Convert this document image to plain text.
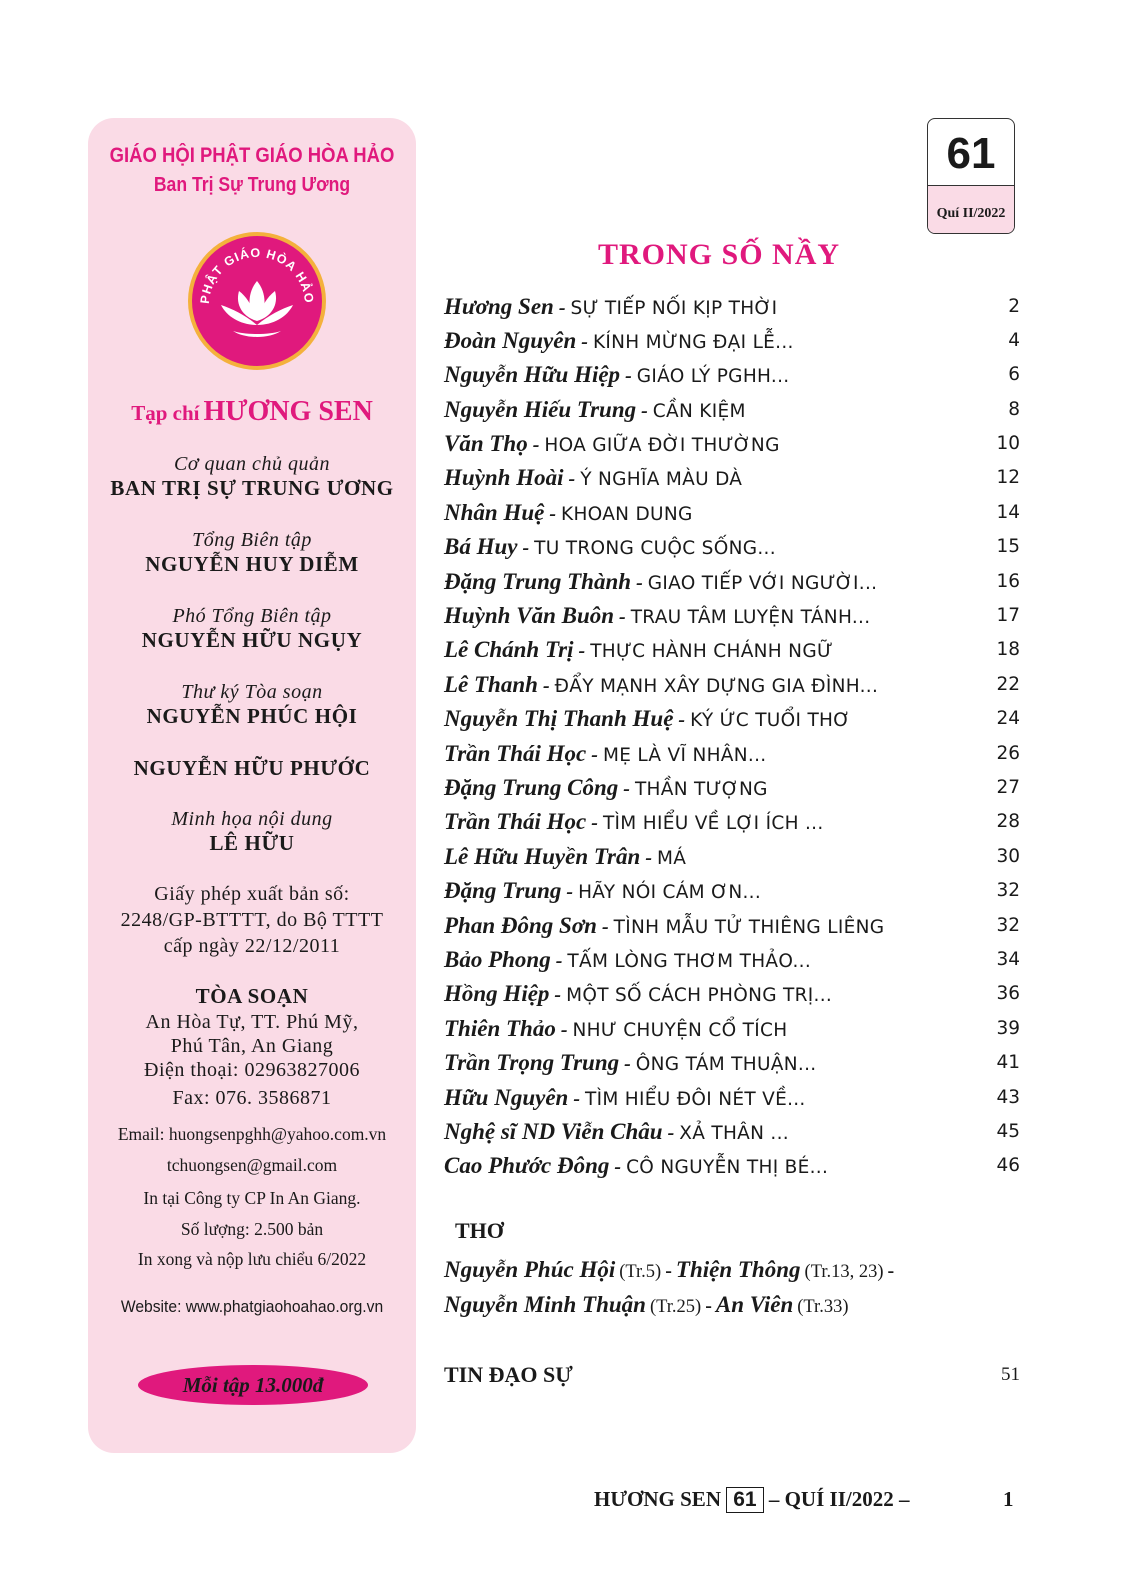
GIÁO HỘI PHẬT GIÁO HÒA HẢO
Ban Trị Sự Trung Ương
PHẬT GIÁO HÒA HẢO
Tạp chí HƯƠNG SEN
Cơ quan chủ quản
BAN TRỊ SỰ TRUNG ƯƠNG
Tổng Biên tập
NGUYỄN HUY DIỄM
Phó Tổng Biên tập
NGUYỄN HỮU NGỤY
Thư ký Tòa soạn
NGUYỄN PHÚC HỘI
NGUYỄN HỮU PHƯỚC
Minh họa nội dung
LÊ HỮU
Giấy phép xuất bản số:
2248/GP-BTTTT, do Bộ TTTT
cấp ngày 22/12/2011
TÒA SOẠN
An Hòa Tự, TT. Phú Mỹ,
Phú Tân, An Giang
Điện thoại: 02963827006
Fax: 076. 3586871
Email: huongsenpghh@yahoo.com.vn
tchuongsen@gmail.com
In tại Công ty CP In An Giang.
Số lượng: 2.500 bản
In xong và nộp lưu chiểu 6/2022
Website: www.phatgiaohoahao.org.vn
Mỗi tập 13.000đ
61
Quí II/2022
TRONG SỐ NẦY
Hương Sen - SỰ TIẾP NỐI KỊP THỜI	2
Đoàn Nguyên - KÍNH MỪNG ĐẠI LỄ...	4
Nguyễn Hữu Hiệp - GIÁO LÝ PGHH...	6
Nguyễn Hiếu Trung - CẦN KIỆM	8
Văn Thọ - HOA GIỮA ĐỜI THƯỜNG	10
Huỳnh Hoài - Ý NGHĨA MÀU DÀ	12
Nhân Huệ - KHOAN DUNG	14
Bá Huy - TU TRONG CUỘC SỐNG...	15
Đặng Trung Thành - GIAO TIẾP VỚI NGƯỜI...	16
Huỳnh Văn Buôn - TRAU TÂM LUYỆN TÁNH...	17
Lê Chánh Trị - THỰC HÀNH CHÁNH NGỮ	18
Lê Thanh - ĐẨY MẠNH XÂY DỰNG GIA ĐÌNH...	22
Nguyễn Thị Thanh Huệ - KÝ ỨC TUỔI THƠ	24
Trần Thái Học - MẸ LÀ VĨ NHÂN...	26
Đặng Trung Công - THẦN TƯỢNG	27
Trần Thái Học - TÌM HIỂU VỀ LỢI ÍCH ...	28
Lê Hữu Huyền Trân - MÁ	30
Đặng Trung - HÃY NÓI CÁM ƠN...	32
Phan Đông Sơn - TÌNH MẪU TỬ THIÊNG LIÊNG	32
Bảo Phong - TẤM LÒNG THƠM THẢO...	34
Hồng Hiệp - MỘT SỐ CÁCH PHÒNG TRỊ...	36
Thiên Thảo - NHƯ CHUYỆN CỔ TÍCH	39
Trần Trọng Trung - ÔNG TÁM THUẬN...	41
Hữu Nguyên - TÌM HIỂU ĐÔI NÉT VỀ...	43
Nghệ sĩ ND Viễn Châu - XẢ THÂN ...	45
Cao Phước Đông - CÔ NGUYỄN THỊ BÉ...	46
THƠ
Nguyễn Phúc Hội (Tr.5) - Thiện Thông (Tr.13, 23) -
Nguyễn Minh Thuận (Tr.25) - An Viên (Tr.33)
TIN ĐẠO SỰ	51
HƯƠNG SEN 61 – QUÍ II/2022 –	1
